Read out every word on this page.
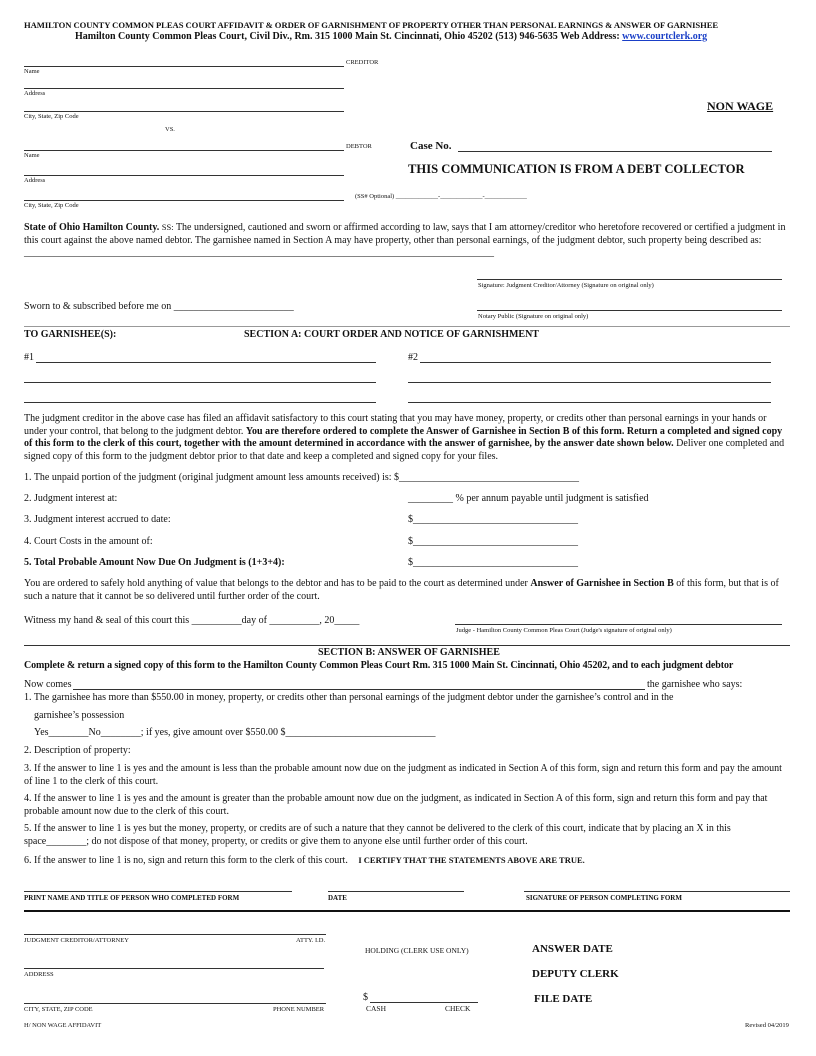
HAMILTON COUNTY COMMON PLEAS COURT AFFIDAVIT & ORDER OF GARNISHMENT OF PROPERTY OTHER THAN PERSONAL EARNINGS & ANSWER OF GARNISHEE
Hamilton County Common Pleas Court, Civil Div., Rm. 315 1000 Main St. Cincinnati, Ohio 45202 (513) 946-5635 Web Address: www.courtclerk.org
CREDITOR
Name
Address
City, State, Zip Code
VS.
DEBTOR
Name
Address
City, State, Zip Code
(SS# Optional) _____________-_____________-_____________
NON WAGE
Case No.
THIS COMMUNICATION IS FROM A DEBT COLLECTOR
State of Ohio Hamilton County. SS: The undersigned, cautioned and sworn or affirmed according to law, says that I am attorney/creditor who heretofore recovered or certified a judgment in this court against the above named debtor. The garnishee named in Section A may have property, other than personal earnings, of the judgment debtor, such property being described as: ______________________________________________________________________________________________
Signature: Judgment Creditor/Attorney (Signature on original only)
Sworn to & subscribed before me on ________________________
Notary Public (Signature on original only)
TO GARNISHEE(S):	SECTION A: COURT ORDER AND NOTICE OF GARNISHMENT
#1	#2
The judgment creditor in the above case has filed an affidavit satisfactory to this court stating that you may have money, property, or credits other than personal earnings in your hands or under your control, that belong to the judgment debtor. You are therefore ordered to complete the Answer of Garnishee in Section B of this form. Return a completed and signed copy of this form to the clerk of this court, together with the amount determined in accordance with the answer of garnishee, by the answer date shown below. Deliver one completed and signed copy of this form to the judgment debtor prior to that date and keep a completed and signed copy for your files.
1. The unpaid portion of the judgment (original judgment amount less amounts received) is: $____________________________________
2. Judgment interest at:	_________ % per annum payable until judgment is satisfied
3. Judgment interest accrued to date:	$_________________________________
4. Court Costs in the amount of:	$_________________________________
5. Total Probable Amount Now Due On Judgment is (1+3+4):	$_________________________________
You are ordered to safely hold anything of value that belongs to the debtor and has to be paid to the court as determined under Answer of Garnishee in Section B of this form, but that is of such a nature that it cannot be so delivered until further order of the court.
Witness my hand & seal of this court this __________day of __________, 20_____
Judge - Hamilton County Common Pleas Court (Judge's signature of original only)
SECTION B: ANSWER OF GARNISHEE
Complete & return a signed copy of this form to the Hamilton County Common Pleas Court Rm. 315 1000 Main St. Cincinnati, Ohio 45202, and to each judgment debtor
Now comes	the garnishee who says:
1. The garnishee has more than $550.00 in money, property, or credits other than personal earnings of the judgment debtor under the garnishee’s control and in the
garnishee’s possession
Yes________No________; if yes, give amount over $550.00 $______________________________
2. Description of property:
3. If the answer to line 1 is yes and the amount is less than the probable amount now due on the judgment as indicated in Section A of this form, sign and return this form and pay the amount of line 1 to the clerk of this court.
4. If the answer to line 1 is yes and the amount is greater than the probable amount now due on the judgment, as indicated in Section A of this form, sign and return this form and pay that probable amount now due to the clerk of this court.
5. If the answer to line 1 is yes but the money, property, or credits are of such a nature that they cannot be delivered to the clerk of this court, indicate that by placing an X in this space________; do not dispose of that money, property, or credits or give them to anyone else until further order of this court.
6. If the answer to line 1 is no, sign and return this form to the clerk of this court. I CERTIFY THAT THE STATEMENTS ABOVE ARE TRUE.
PRINT NAME AND TITLE OF PERSON WHO COMPLETED FORM	DATE	SIGNATURE OF PERSON COMPLETING FORM
JUDGMENT CREDITOR/ATTORNEY	ATTY. I.D.
ADDRESS
CITY, STATE, ZIP CODE	PHONE NUMBER
HOLDING (CLERK USE ONLY)
$
CASH	CHECK
ANSWER DATE
DEPUTY CLERK
FILE DATE
H/ NON WAGE AFFIDAVIT	Revised 04/2019
